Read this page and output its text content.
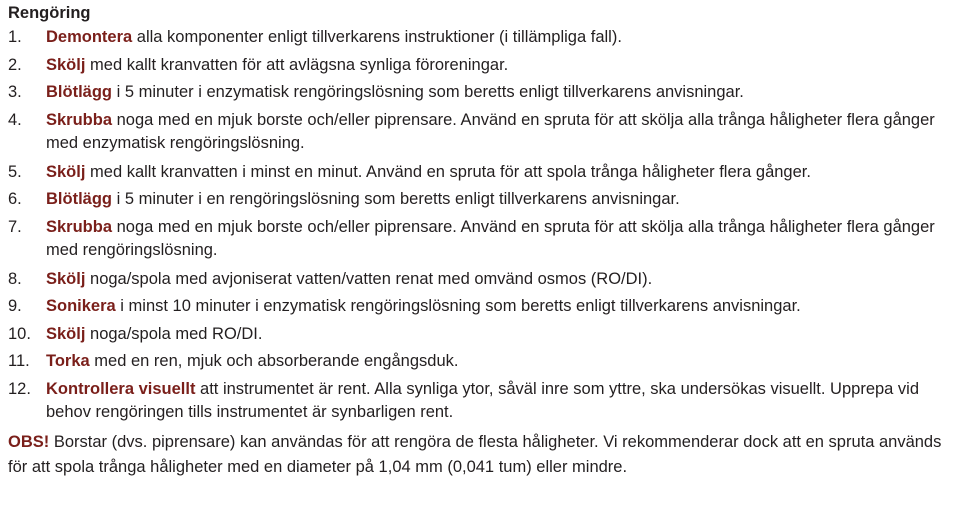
Rengöring
1.	Demontera alla komponenter enligt tillverkarens instruktioner (i tillämpliga fall).
2.	Skölj med kallt kranvatten för att avlägsna synliga föroreningar.
3.	Blötlägg i 5 minuter i enzymatisk rengöringslösning som beretts enligt tillverkarens anvisningar.
4.	Skrubba noga med en mjuk borste och/eller piprensare. Använd en spruta för att skölja alla trånga håligheter flera gånger med enzymatisk rengöringslösning.
5.	Skölj med kallt kranvatten i minst en minut. Använd en spruta för att spola trånga håligheter flera gånger.
6.	Blötlägg i 5 minuter i en rengöringslösning som beretts enligt tillverkarens anvisningar.
7.	Skrubba noga med en mjuk borste och/eller piprensare. Använd en spruta för att skölja alla trånga håligheter flera gånger med rengöringslösning.
8.	Skölj noga/spola med avjoniserat vatten/vatten renat med omvänd osmos (RO/DI).
9.	Sonikera i minst 10 minuter i enzymatisk rengöringslösning som beretts enligt tillverkarens anvisningar.
10. Skölj noga/spola med RO/DI.
11. Torka med en ren, mjuk och absorberande engångsduk.
12. Kontrollera visuellt att instrumentet är rent. Alla synliga ytor, såväl inre som yttre, ska undersökas visuellt. Upprepa vid behov rengöringen tills instrumentet är synbarligen rent.

OBS! Borstar (dvs. piprensare) kan användas för att rengöra de flesta håligheter. Vi rekommenderar dock att en spruta används för att spola trånga håligheter med en diameter på 1,04 mm (0,041 tum) eller mindre.
